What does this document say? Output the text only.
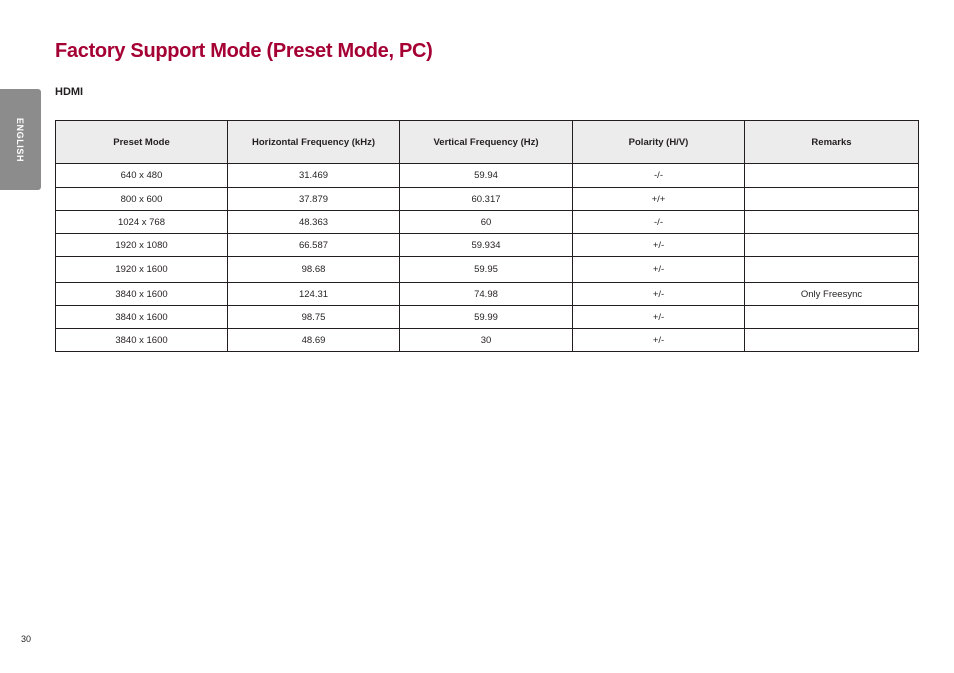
ENGLISH
Factory Support Mode (Preset Mode, PC)
HDMI
Preset Mode	Horizontal Frequency (kHz)	Vertical Frequency (Hz)	Polarity (H/V)	Remarks
640 x 480	31.469	59.94	-/-	
800 x 600	37.879	60.317	+/+	
1024 x 768	48.363	60	-/-	
1920 x 1080	66.587	59.934	+/-	
1920 x 1600	98.68	59.95	+/-	
3840 x 1600	124.31	74.98	+/-	Only Freesync
3840 x 1600	98.75	59.99	+/-	
3840 x 1600	48.69	30	+/-	
30
